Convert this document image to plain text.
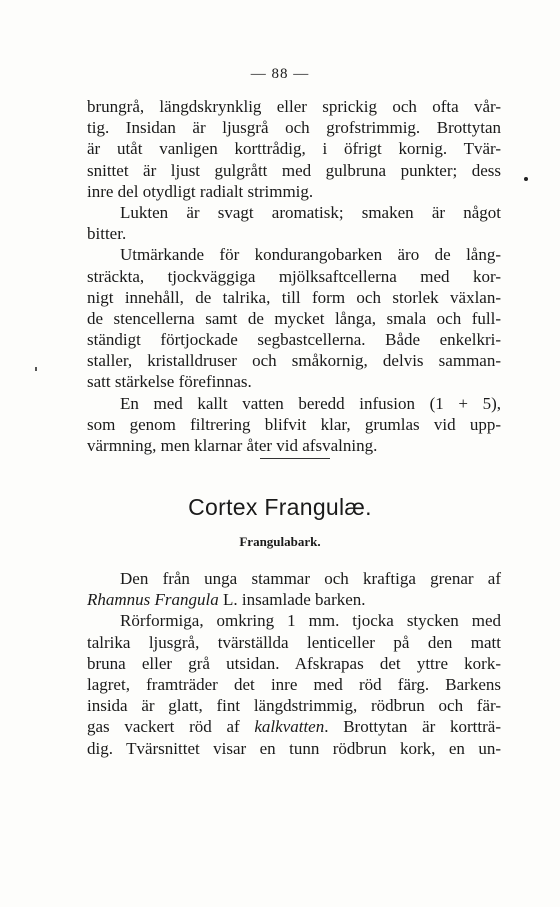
— 88 —
brungrå, längdskrynklig eller sprickig och ofta vår-
tig. Insidan är ljusgrå och grofstrimmig. Brottytan
är utåt vanligen korttrådig, i öfrigt kornig. Tvär-
snittet är ljust gulgrått med gulbruna punkter; dess
inre del otydligt radialt strimmig.
Lukten är svagt aromatisk; smaken är något
bitter.
Utmärkande för kondurangobarken äro de lång-
sträckta, tjockväggiga mjölksaftcellerna med kor-
nigt innehåll, de talrika, till form och storlek växlan-
de stencellerna samt de mycket långa, smala och full-
ständigt förtjockade segbastcellerna. Både enkelkri-
staller, kristalldruser och småkornig, delvis samman-
satt stärkelse förefinnas.
En med kallt vatten beredd infusion (1 + 5),
som genom filtrering blifvit klar, grumlas vid upp-
värmning, men klarnar åter vid afsvalning.
Cortex Frangulæ.
Frangulabark.
Den från unga stammar och kraftiga grenar af
Rhamnus Frangula L. insamlade barken.
Rörformiga, omkring 1 mm. tjocka stycken med
talrika ljusgrå, tvärställda lenticeller på den matt
bruna eller grå utsidan. Afskrapas det yttre kork-
lagret, framträder det inre med röd färg. Barkens
insida är glatt, fint längdstrimmig, rödbrun och fär-
gas vackert röd af kalkvatten. Brottytan är kortträ-
dig. Tvärsnittet visar en tunn rödbrun kork, en un-
